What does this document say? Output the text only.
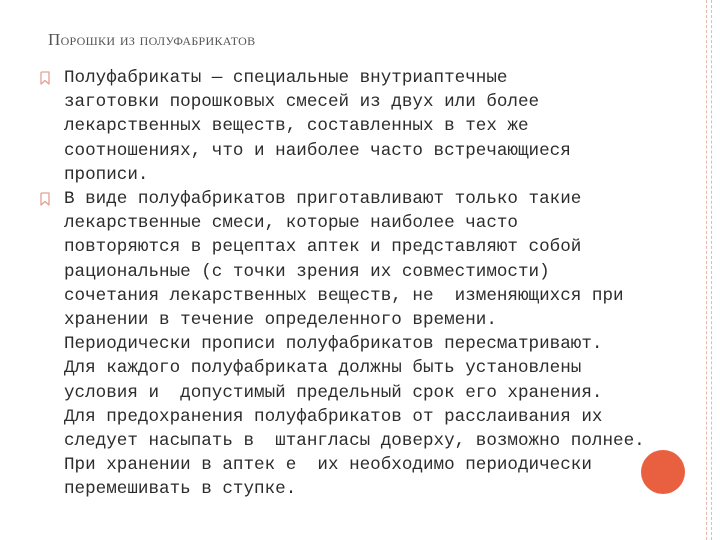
Порошки из полуфабрикатов
Полуфабрикаты — специальные внутриаптечные
заготовки порошковых смесей из двух или более
лекарственных веществ, составленных в тех же
соотношениях, что и наиболее часто встречающиеся
прописи.
В виде полуфабрикатов приготавливают только такие
лекарственные смеси, которые наиболее часто
повторяются в рецептах аптек и представляют собой
рациональные (с точки зрения их совместимости)
сочетания лекарственных веществ, не  изменяющихся при
хранении в течение определенного времени.
Периодически прописи полуфабрикатов пересматривают.
Для каждого полуфабриката должны быть установлены
условия и  допустимый предельный срок его хранения.
Для предохранения полуфабрикатов от расслаивания их
следует насыпать в  штангласы доверху, возможно полнее.
При хранении в аптек е  их необходимо периодически
перемешивать в ступке.
